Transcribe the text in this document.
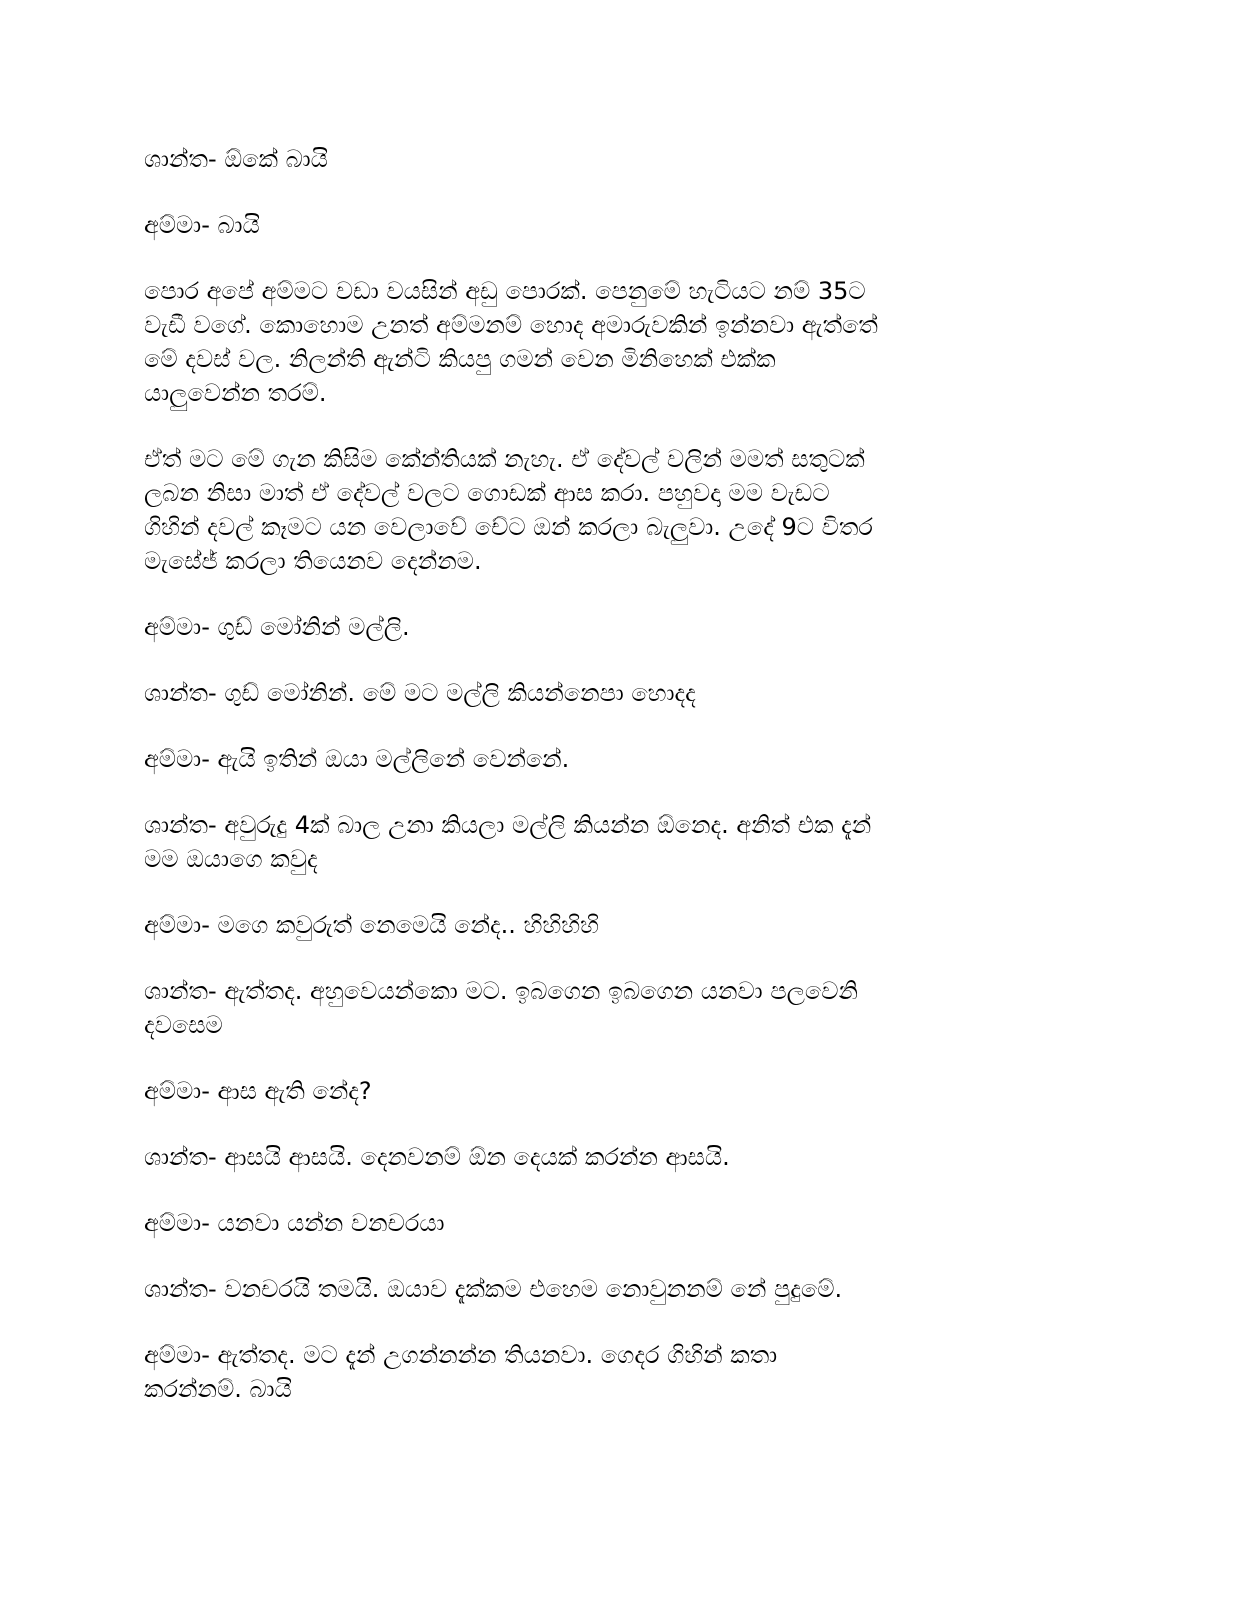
ශාන්ත- ඕකේ බායි

අම්මා- බායි

පොර අපේ අම්මට වඩා වයසින් අඩු පොරක්. පෙනුමේ හැටියට නම් 35ට
වැඩී වගේ. කොහොම උනත් අම්මනම් හොද අමාරුවකින් ඉන්නවා ඇත්තේ
මේ දවස් වල. නිලන්ති ඇන්ටි කියපු ගමන් වෙන මිනිහෙක් එක්ක
යාලුවෙන්න තරම්.

ඒත් මට මේ ගැන කිසිම කේන්තියක් නැහැ. ඒ දේවල් වලින් මමත් සතුටක්
ලබන නිසා මාත් ඒ දේවල් වලට ගොඩක් ආස කරා. පහුවදා මම වැඩට
ගිහින් දවල් කෑමට යන වෙලාවේ චේට ඔන් කරලා බැලුවා. උදේ 9ට විතර
මැසේජ් කරලා තියෙනව දෙන්නම.

අම්මා- ගුඩ් මෝනින් මල්ලි.

ශාන්ත- ගුඩ් මෝනින්. මේ මට මල්ලි කියන්නෙපා හොදද

අම්මා- ඇයි ඉතින් ඔයා මල්ලිනේ වෙන්නේ.

ශාන්ත- අවුරුදු 4ක් බාල උනා කියලා මල්ලි කියන්න ඕනෙද. අනිත් එක දැන්
මම ඔයාගෙ කවුද

අම්මා- මගෙ කවුරුත් නෙමෙයි නේද.. හිහිහිහි

ශාන්ත- ඇත්තද. අහුවෙයන්කො මට. ඉබගෙන ඉබගෙන යනවා පලවෙනි
දවසෙම

අම්මා- ආස ඇති නේද?

ශාන්ත- ආසයි ආසයි. දෙනවනම් ඕන දෙයක් කරන්න ආසයි.

අම්මා- යනවා යන්න වනචරයා

ශාන්ත- වනචරයි තමයි. ඔයාව දැක්කම එහෙම නොවුනනම් නේ පුදුමේ.

අම්මා- ඇත්තද. මට දැන් උගන්නන්න තියනවා. ගෙදර ගිහින් කතා
කරන්නම්. බායි
